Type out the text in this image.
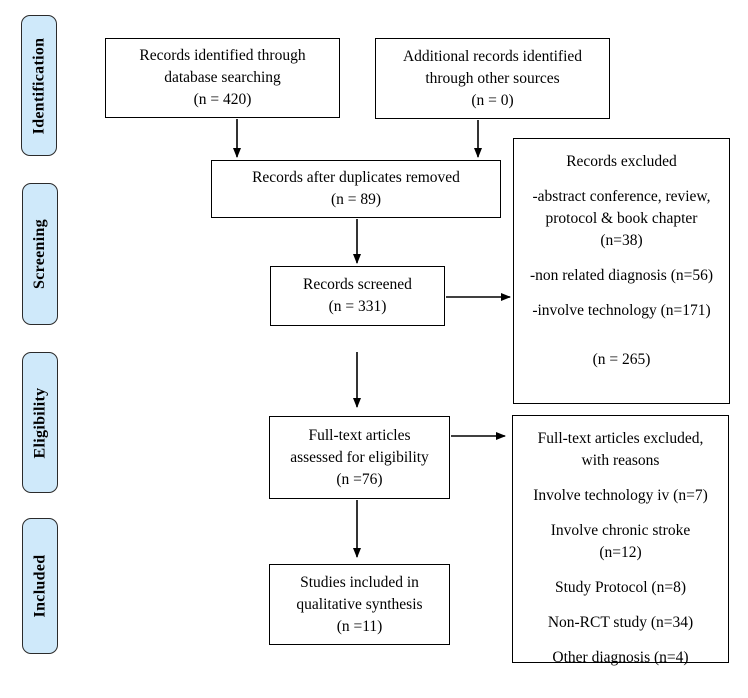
Identification
Screening
Eligibility
Included
Records identified through
database searching
(n = 420)
Additional records identified
through other sources
(n = 0)
Records after duplicates removed
(n = 89)
Records screened
(n = 331)
Full-text articles
assessed for eligibility
(n =76)
Studies included in
qualitative synthesis
(n =11)
Records excluded
-abstract conference, review,
protocol & book chapter
(n=38)
-non related diagnosis (n=56)
-involve technology (n=171)
(n = 265)
Full-text articles excluded,
with reasons
Involve technology iv (n=7)
Involve chronic stroke
(n=12)
Study Protocol (n=8)
Non-RCT study (n=34)
Other diagnosis (n=4)
